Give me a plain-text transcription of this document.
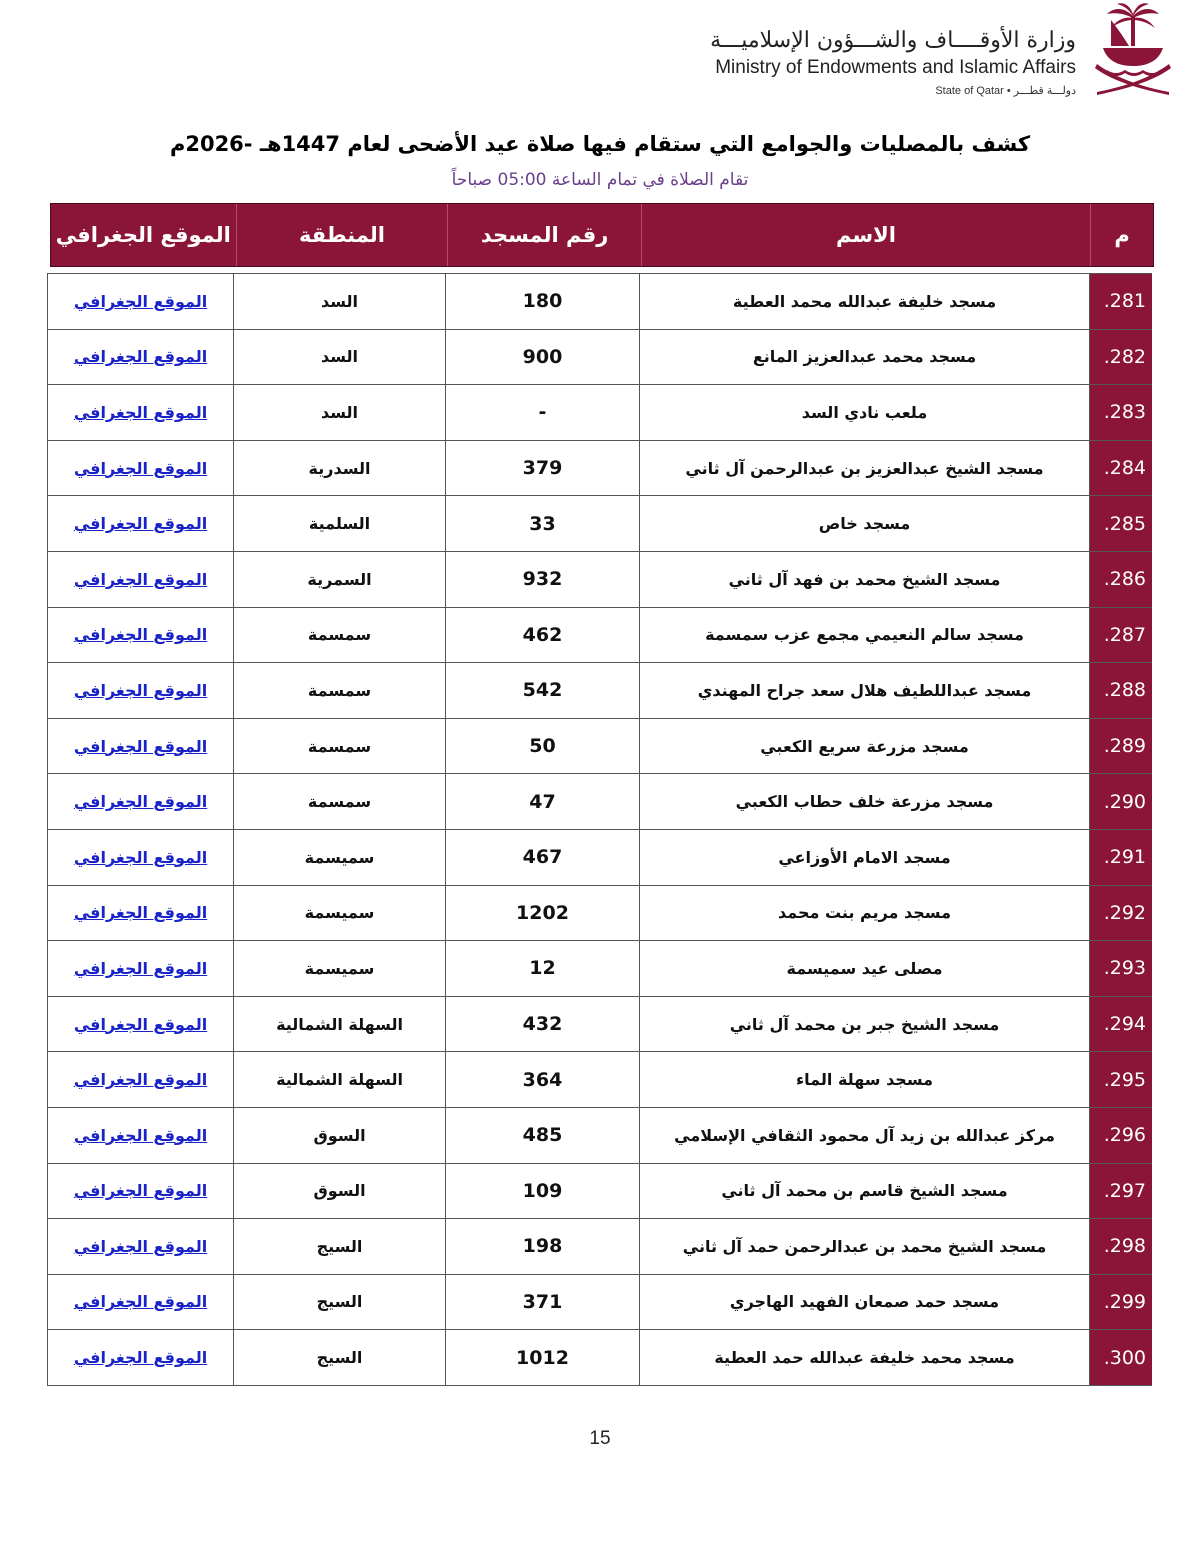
وزارة الأوقــــاف والشـــؤون الإسلاميـــة
Ministry of Endowments and Islamic Affairs
State of Qatar • دولـــة قطـــر
كشف بالمصليات والجوامع التي ستقام فيها صلاة عيد الأضحى لعام 1447هـ -2026م
تقام الصلاة في تمام الساعة 05:00 صباحاً
م
الاسم
رقم المسجد
المنطقة
الموقع الجغرافي
281.
مسجد خليفة عبدالله محمد العطية
180
السد
الموقع الجغرافي
282.
مسجد محمد عبدالعزيز المانع
900
السد
الموقع الجغرافي
283.
ملعب نادي السد
-
السد
الموقع الجغرافي
284.
مسجد الشيخ عبدالعزيز بن عبدالرحمن آل ثاني
379
السدرية
الموقع الجغرافي
285.
مسجد خاص
33
السلمية
الموقع الجغرافي
286.
مسجد الشيخ محمد بن فهد آل ثاني
932
السمرية
الموقع الجغرافي
287.
مسجد سالم النعيمي مجمع عزب سمسمة
462
سمسمة
الموقع الجغرافي
288.
مسجد عبداللطيف هلال سعد جراح المهندي
542
سمسمة
الموقع الجغرافي
289.
مسجد مزرعة سريع الكعبي
50
سمسمة
الموقع الجغرافي
290.
مسجد مزرعة خلف حطاب الكعبي
47
سمسمة
الموقع الجغرافي
291.
مسجد الامام الأوزاعي
467
سميسمة
الموقع الجغرافي
292.
مسجد مريم بنت محمد
1202
سميسمة
الموقع الجغرافي
293.
مصلى عيد سميسمة
12
سميسمة
الموقع الجغرافي
294.
مسجد الشيخ جبر بن محمد آل ثاني
432
السهلة الشمالية
الموقع الجغرافي
295.
مسجد سهلة الماء
364
السهلة الشمالية
الموقع الجغرافي
296.
مركز عبدالله بن زيد آل محمود الثقافي الإسلامي
485
السوق
الموقع الجغرافي
297.
مسجد الشيخ قاسم بن محمد آل ثاني
109
السوق
الموقع الجغرافي
298.
مسجد الشيخ محمد بن عبدالرحمن حمد آل ثاني
198
السيج
الموقع الجغرافي
299.
مسجد حمد صمعان الفهيد الهاجري
371
السيج
الموقع الجغرافي
300.
مسجد محمد خليفة عبدالله حمد العطية
1012
السيج
الموقع الجغرافي
15
